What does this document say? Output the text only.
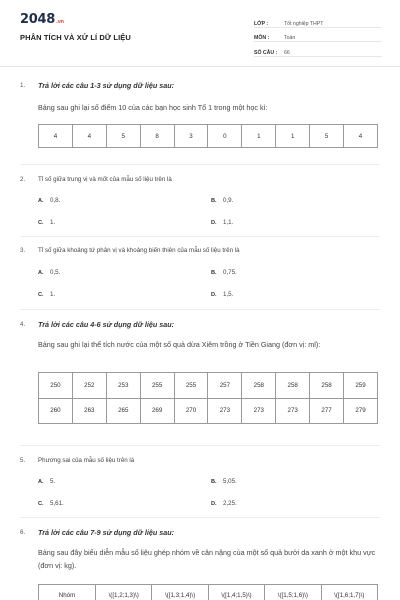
2048.vn
PHÂN TÍCH VÀ XỬ LÍ DỮ LIỆU
LỚP :	Tốt nghiệp THPT
MÔN :	Toán
SỐ CÂU :	66
1. Trả lời các câu 1-3 sử dụng dữ liệu sau:
Bảng sau ghi lại số điểm 10 của các bạn học sinh Tổ 1 trong một học kì:
4	4	5	8	3	0	1	1	5	4
2. Tỉ số giữa trung vị và mốt của mẫu số liệu trên là
A. 0,8.	B. 0,9.
C. 1.	D. 1,1.
3. Tỉ số giữa khoảng tứ phân vị và khoảng biến thiên của mẫu số liệu trên là
A. 0,5.	B. 0,75.
C. 1.	D. 1,5.
4. Trả lời các câu 4-6 sử dụng dữ liệu sau:
Bảng sau ghi lại thể tích nước của một số quả dừa Xiêm trồng ở Tiền Giang (đơn vị: ml):
250	252	253	255	255	257	258	258	258	259
260	263	265	269	270	273	273	273	277	279
5. Phương sai của mẫu số liệu trên là
A. 5.	B. 5,05.
C. 5,61.	D. 2,25.
6. Trả lời các câu 7-9 sử dụng dữ liệu sau:
Bảng sau đây biểu diễn mẫu số liệu ghép nhóm về cân nặng của một số quả bưởi da xanh ở một khu vực (đơn vị: kg).
Nhóm	\([1,2;1,3)\)	\([1,3;1,4)\)	\([1,4;1,5)\)	\([1,5;1,6)\)	\([1,6;1,7)\)
